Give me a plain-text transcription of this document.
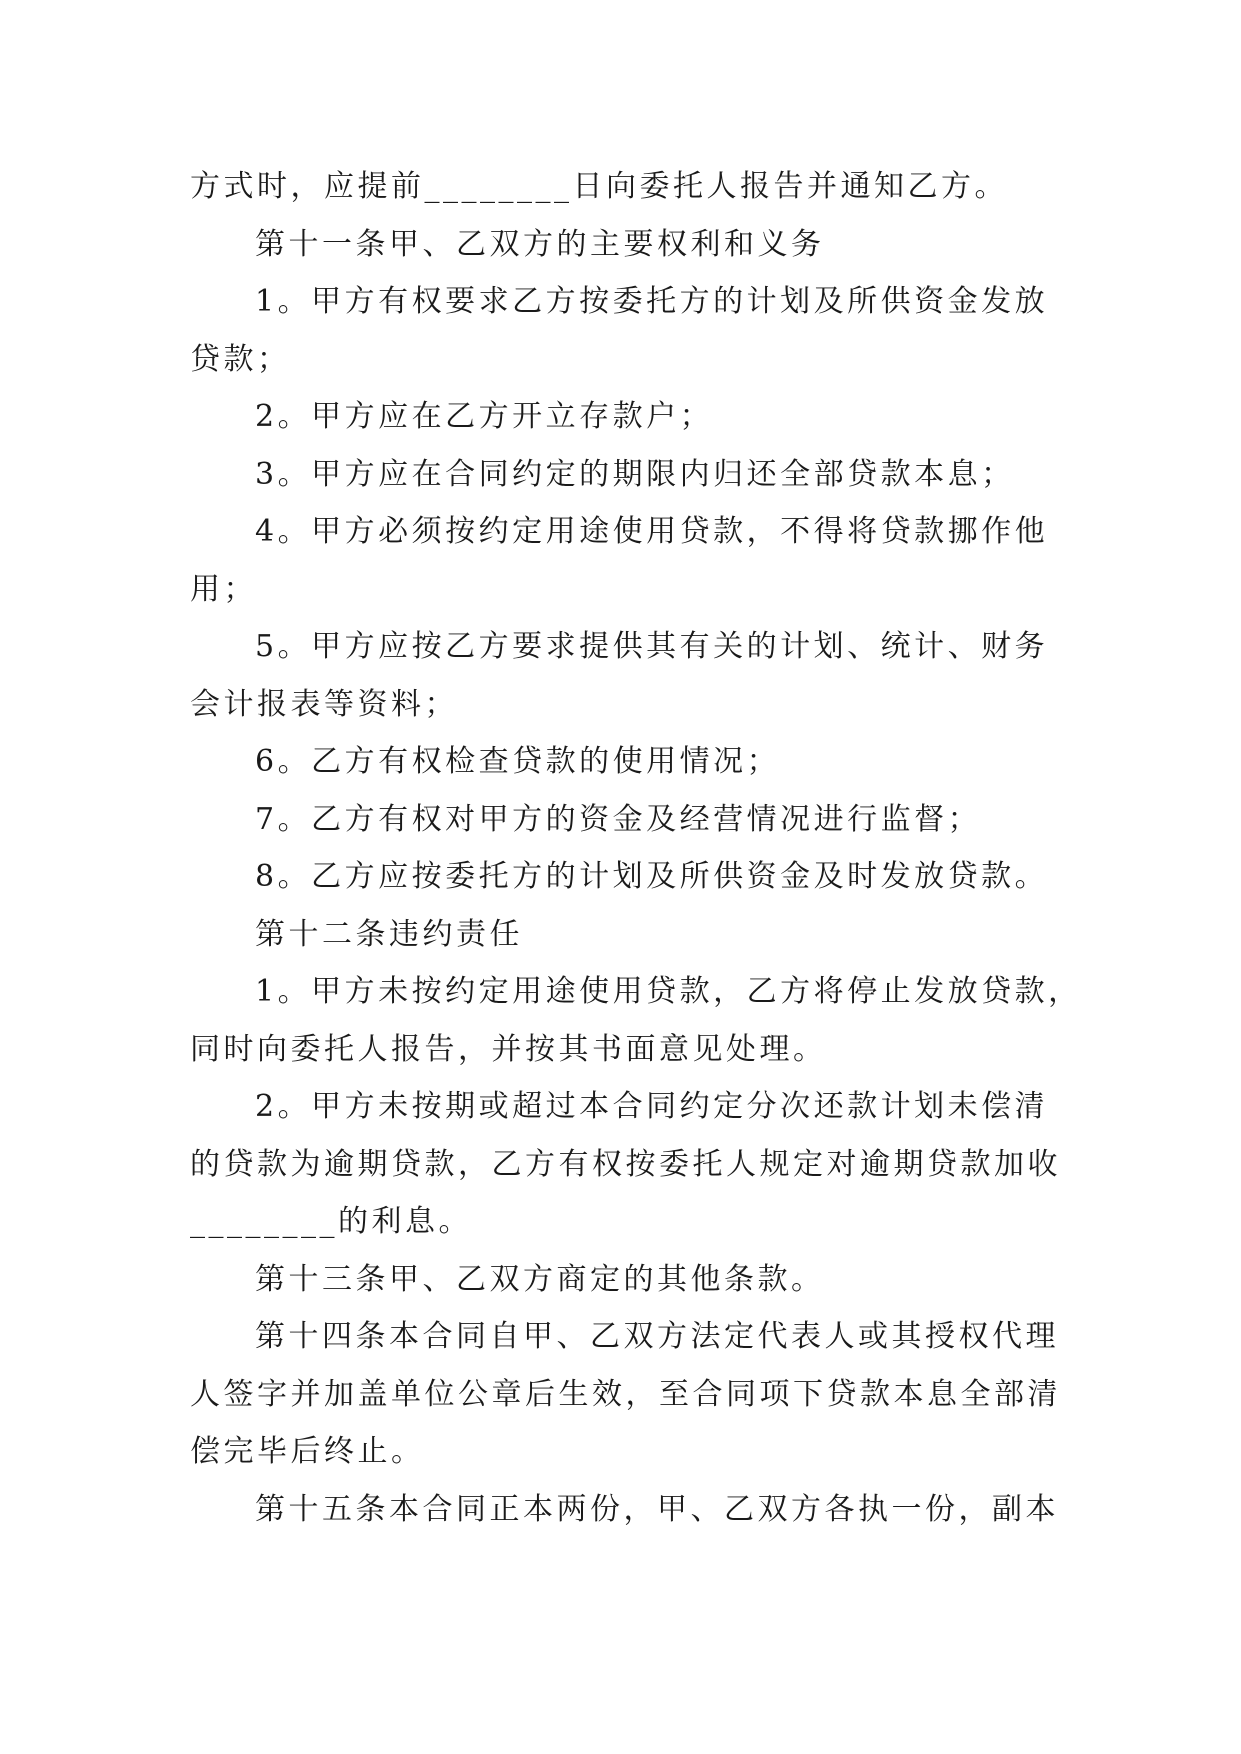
方式时，应提前________日向委托人报告并通知乙方。

第十一条甲、乙双方的主要权利和义务

1。甲方有权要求乙方按委托方的计划及所供资金发放

贷款；

2。甲方应在乙方开立存款户；

3。甲方应在合同约定的期限内归还全部贷款本息；

4。甲方必须按约定用途使用贷款，不得将贷款挪作他

用；

5。甲方应按乙方要求提供其有关的计划、统计、财务

会计报表等资料；

6。乙方有权检查贷款的使用情况；

7。乙方有权对甲方的资金及经营情况进行监督；

8。乙方应按委托方的计划及所供资金及时发放贷款。

第十二条违约责任

1。甲方未按约定用途使用贷款，乙方将停止发放贷款，

同时向委托人报告，并按其书面意见处理。

2。甲方未按期或超过本合同约定分次还款计划未偿清

的贷款为逾期贷款，乙方有权按委托人规定对逾期贷款加收

________的利息。

第十三条甲、乙双方商定的其他条款。

第十四条本合同自甲、乙双方法定代表人或其授权代理

人签字并加盖单位公章后生效，至合同项下贷款本息全部清

偿完毕后终止。

第十五条本合同正本两份，甲、乙双方各执一份，副本
